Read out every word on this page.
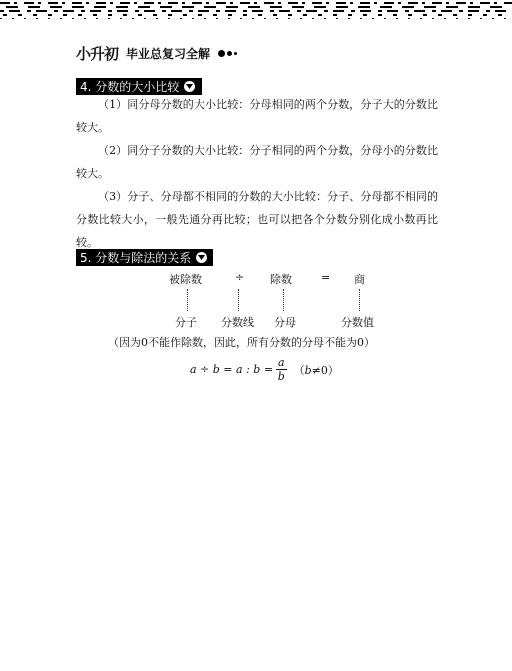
小升初 毕业总复习全解
4. 分数的大小比较
（1）同分母分数的大小比较：分母相同的两个分数，分子大的分数比较大。
（2）同分子分数的大小比较：分子相同的两个分数，分母小的分数比较大。
（3）分子、分母都不相同的分数的大小比较：分子、分母都不相同的分数比较大小，一般先通分再比较；也可以把各个分数分别化成小数再比较。
5. 分数与除法的关系
被除数	÷ 除数	= 商
分子 分数线 分母	分数值
（因为0不能作除数，因此，所有分数的分母不能为0）
a ÷ b = a : $b = \frac{a}{b} (b\ne 0)$
